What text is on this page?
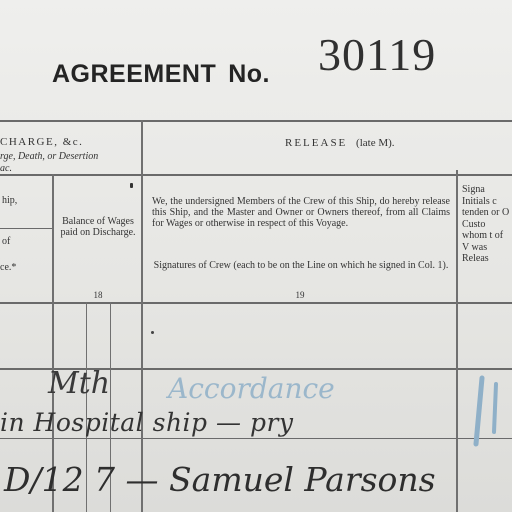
AGREEMENT No. 30119
CHARGE, &c.
rge, Death, or Desertion
ac.
hip,
of
ce.*
Balance of Wages paid on Discharge.
18
RELEASE (late M).
We, the undersigned Members of the Crew of this Ship, do hereby release this Ship, and the Master and Owner or Owners thereof, from all Claims for Wages or otherwise in respect of this Voyage.
Signatures of Crew (each to be on the Line on which he signed in Col. 1).
19
Signa Initials c tenden or O Custo whom t of V was Releas
Mth
in Hospital ship — pry
Accordance
D/12 7 — Samuel Parsons
